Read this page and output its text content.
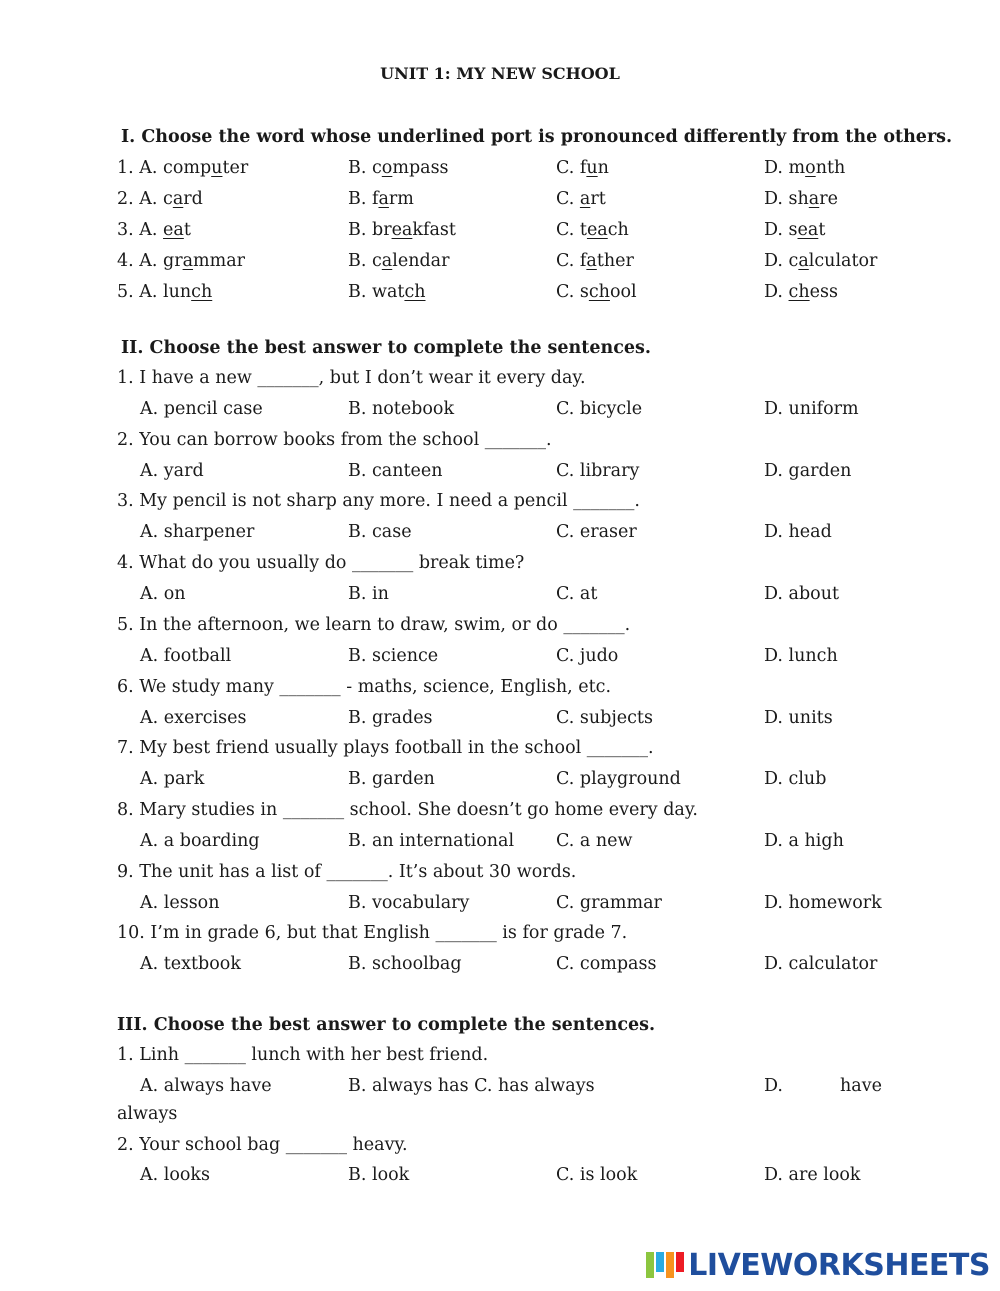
UNIT 1: MY NEW SCHOOL
I. Choose the word whose underlined port is pronounced differently from the others.
1. A. computer	B. compass	C. fun	D. month
2. A. card	B. farm	C. art	D. share
3. A. eat	B. breakfast	C. teach	D. seat
4. A. grammar	B. calendar	C. father	D. calculator
5. A. lunch	B. watch	C. school	D. chess
II. Choose the best answer to complete the sentences.
1. I have a new _______, but I don’t wear it every day.
A. pencil case	B. notebook	C. bicycle	D. uniform
2. You can borrow books from the school _______.
A. yard	B. canteen	C. library	D. garden
3. My pencil is not sharp any more. I need a pencil _______.
A. sharpener	B. case	C. eraser	D. head
4. What do you usually do _______ break time?
A. on	B. in	C. at	D. about
5. In the afternoon, we learn to draw, swim, or do _______.
A. football	B. science	C. judo	D. lunch
6. We study many _______ - maths, science, English, etc.
A. exercises	B. grades	C. subjects	D. units
7. My best friend usually plays football in the school _______.
A. park	B. garden	C. playground	D. club
8. Mary studies in _______ school. She doesn’t go home every day.
A. a boarding	B. an international C. a new	D. a high
9. The unit has a list of _______. It’s about 30 words.
A. lesson	B. vocabulary	C. grammar	D. homework
10. I’m in grade 6, but that English _______ is for grade 7.
A. textbook	B. schoolbag	C. compass	D. calculator
III. Choose the best answer to complete the sentences.
1. Linh _______ lunch with her best friend.
A. always have	B. always has C. has always	D.	have
always
2. Your school bag _______ heavy.
A. looks	B. look	C. is look	D. are look
LIVEWORKSHEETS
